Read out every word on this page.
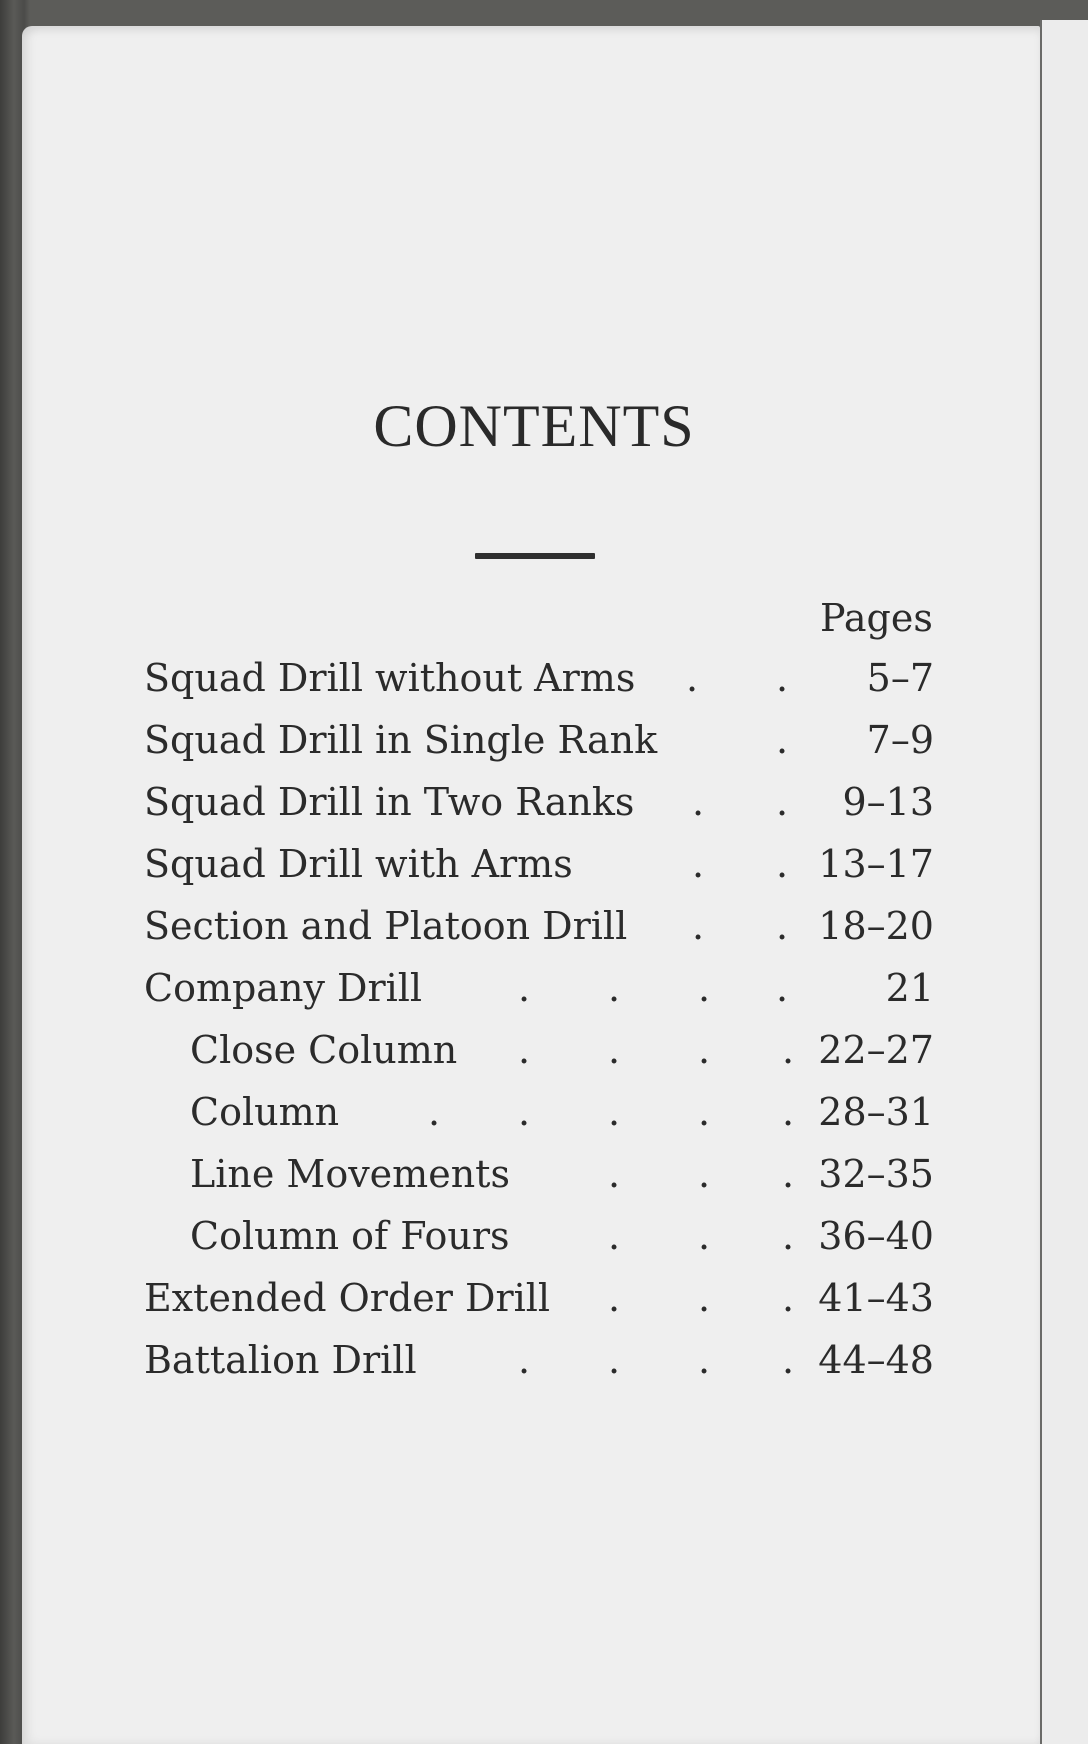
CONTENTS
Pages
Squad Drill without Arms . .	5–7
Squad Drill in Single Rank	.	7–9
Squad Drill in Two Ranks . .	9–13
Squad Drill with Arms	. . 13–17
Section and Platoon Drill . . 18–20
Company Drill	. . . .	21
Close Column . . . . 22–27
Column . . . . . 28–31
Line Movements	. . . 32–35
Column of Fours	. . . 36–40
Extended Order Drill . . . 41–43
Battalion Drill	. . . . 44–48
